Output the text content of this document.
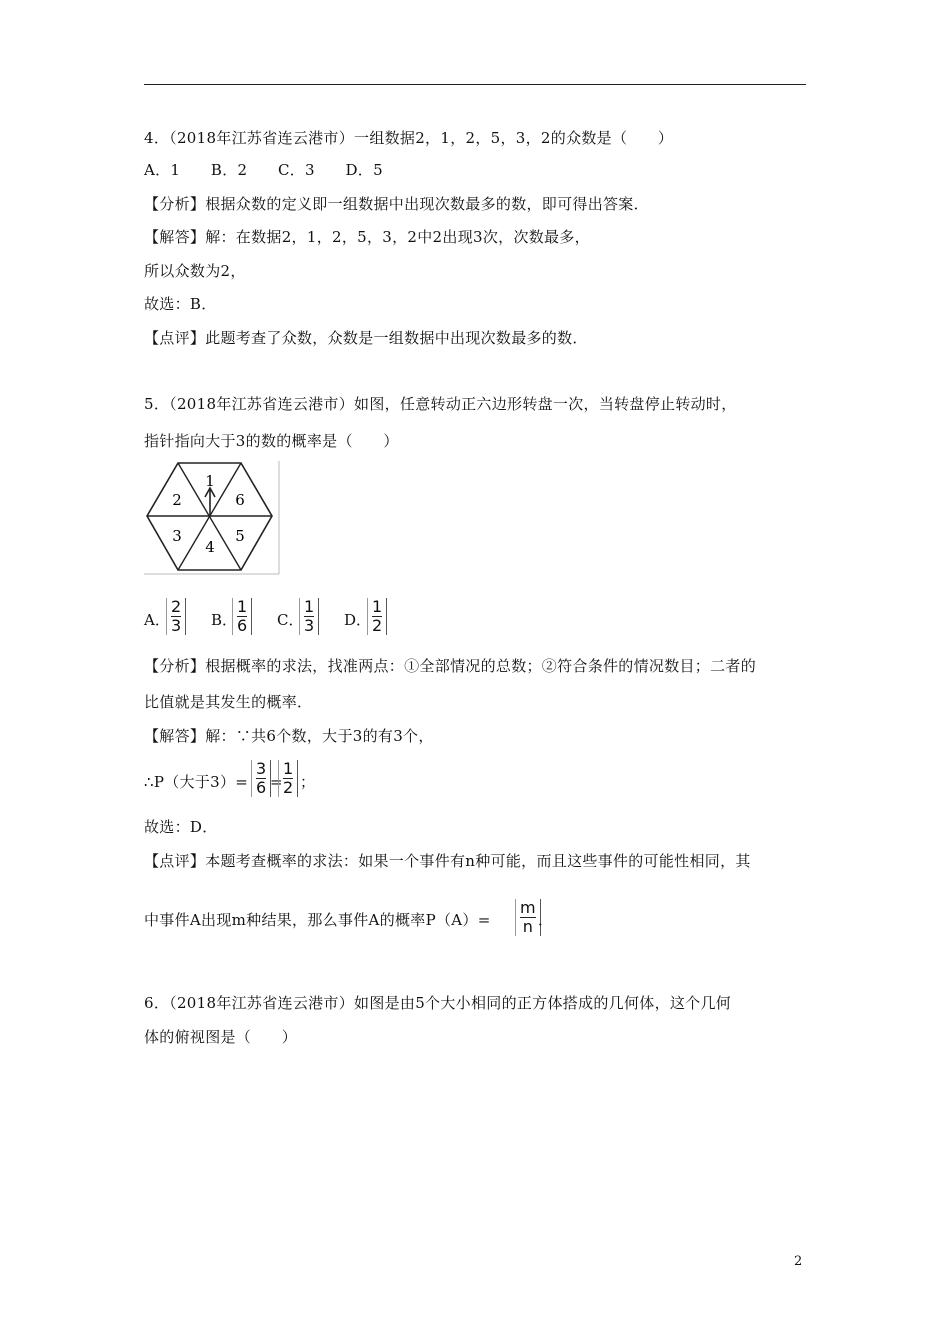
4．（2018年江苏省连云港市）一组数据2，1，2，5，3，2的众数是（　　）
A．1　　B．2　　C．3　　D．5
【分析】根据众数的定义即一组数据中出现次数最多的数，即可得出答案．
【解答】解：在数据2，1，2，5，3，2中2出现3次，次数最多，
所以众数为2，
故选：B．
【点评】此题考查了众数，众数是一组数据中出现次数最多的数．
5．（2018年江苏省连云港市）如图，任意转动正六边形转盘一次，当转盘停止转动时，
指针指向大于3的数的概率是（　　）
1
2	6
3
4
5
A．
2
3 B．
1
6 C．
1
3 D．
1
2
【分析】根据概率的求法，找准两点：①全部情况的总数；②符合条件的情况数目；二者的
比值就是其发生的概率．
【解答】解：∵共6个数，大于3的有3个，
∴P（大于3）=
3
6 =
1
2 ；
故选：D．
【点评】本题考查概率的求法：如果一个事件有n种可能，而且这些事件的可能性相同，其
中事件A出现m种结果，那么事件A的概率P（A）=
m
n ．
6．（2018年江苏省连云港市）如图是由5个大小相同的正方体搭成的几何体，这个几何
体的俯视图是（　　）
2
